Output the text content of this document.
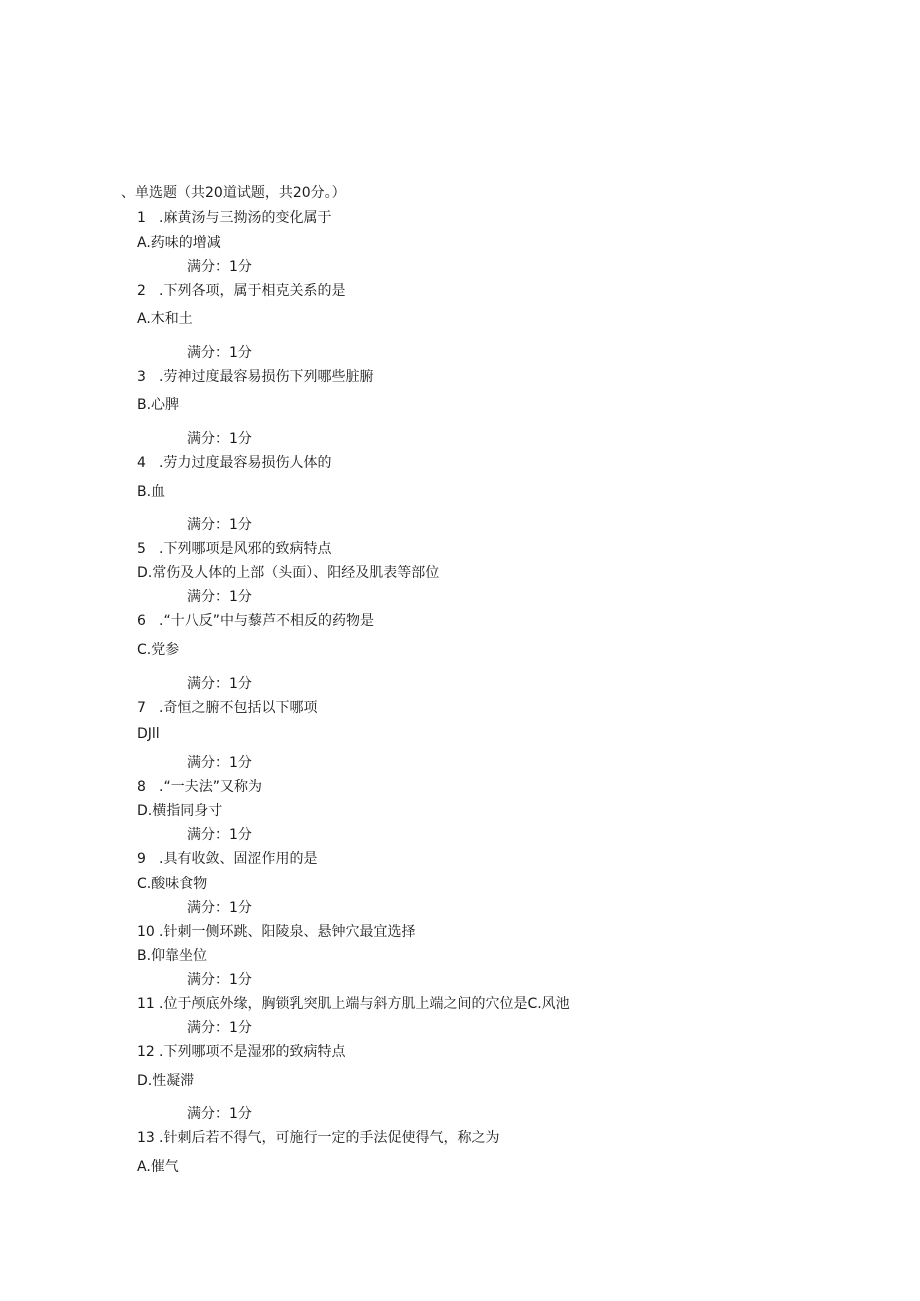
、单选题（共20道试题，共20分。）
1 .麻黄汤与三拗汤的变化属于
A.药味的增减
满分：1分
2 .下列各项，属于相克关系的是
A.木和土
满分：1分
3 .劳神过度最容易损伤下列哪些脏腑
B.心脾
满分：1分
4 .劳力过度最容易损伤人体的
B.血
满分：1分
5 .下列哪项是风邪的致病特点
D.常伤及人体的上部（头面）、阳经及肌表等部位
满分：1分
6 .“十八反”中与藜芦不相反的药物是
C.党参
满分：1分
7 .奇恒之腑不包括以下哪项
DJll
满分：1分
8 .“一夫法”又称为
D.横指同身寸
满分：1分
9 .具有收敛、固涩作用的是
C.酸味食物
满分：1分
10 .针刺一侧环跳、阳陵泉、悬钟穴最宜选择
B.仰靠坐位
满分：1分
11 .位于颅底外缘，胸锁乳突肌上端与斜方肌上端之间的穴位是C.风池
满分：1分
12 .下列哪项不是湿邪的致病特点
D.性凝滞
满分：1分
13 .针刺后若不得气，可施行一定的手法促使得气，称之为
A.催气
